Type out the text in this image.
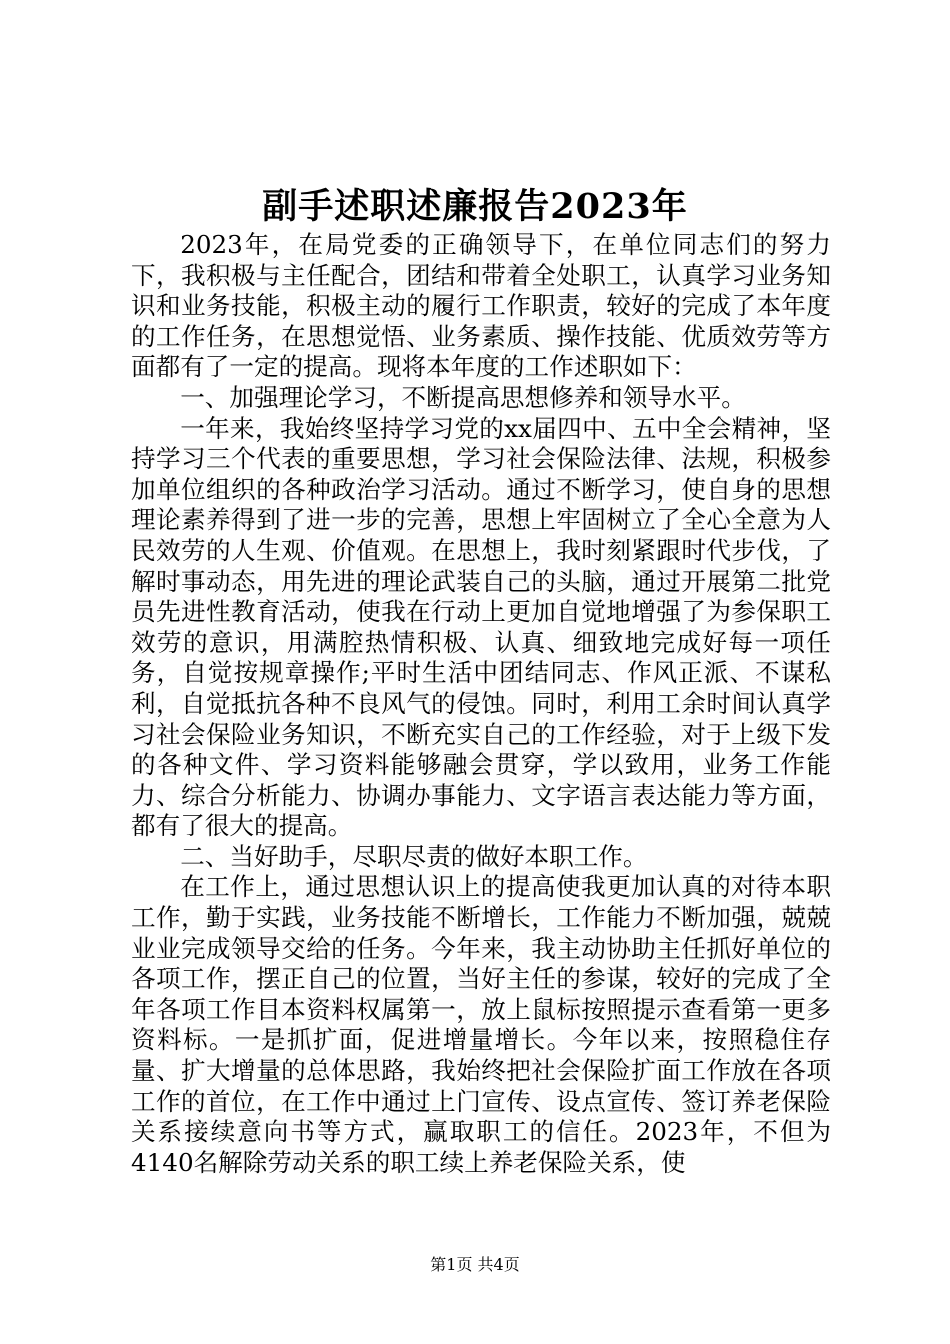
副手述职述廉报告2023年

2023年，在局党委的正确领导下，在单位同志们的努力下，我积极与主任配合，团结和带着全处职工，认真学习业务知识和业务技能，积极主动的履行工作职责，较好的完成了本年度的工作任务，在思想觉悟、业务素质、操作技能、优质效劳等方面都有了一定的提高。现将本年度的工作述职如下：

一、加强理论学习，不断提高思想修养和领导水平。

一年来，我始终坚持学习党的xx届四中、五中全会精神，坚持学习三个代表的重要思想，学习社会保险法律、法规，积极参加单位组织的各种政治学习活动。通过不断学习，使自身的思想理论素养得到了进一步的完善，思想上牢固树立了全心全意为人民效劳的人生观、价值观。在思想上，我时刻紧跟时代步伐，了解时事动态，用先进的理论武装自己的头脑，通过开展第二批党员先进性教育活动，使我在行动上更加自觉地增强了为参保职工效劳的意识，用满腔热情积极、认真、细致地完成好每一项任务，自觉按规章操作;平时生活中团结同志、作风正派、不谋私利，自觉抵抗各种不良风气的侵蚀。同时，利用工余时间认真学习社会保险业务知识，不断充实自己的工作经验，对于上级下发的各种文件、学习资料能够融会贯穿，学以致用，业务工作能力、综合分析能力、协调办事能力、文字语言表达能力等方面，都有了很大的提高。

二、当好助手，尽职尽责的做好本职工作。

在工作上，通过思想认识上的提高使我更加认真的对待本职工作，勤于实践，业务技能不断增长，工作能力不断加强，兢兢业业完成领导交给的任务。今年来，我主动协助主任抓好单位的各项工作，摆正自己的位置，当好主任的参谋，较好的完成了全年各项工作目本资料权属第一，放上鼠标按照提示查看第一更多资料标。一是抓扩面，促进增量增长。今年以来，按照稳住存量、扩大增量的总体思路，我始终把社会保险扩面工作放在各项工作的首位，在工作中通过上门宣传、设点宣传、签订养老保险关系接续意向书等方式，赢取职工的信任。2023年，不但为4140名解除劳动关系的职工续上养老保险关系，使

第1页 共4页
